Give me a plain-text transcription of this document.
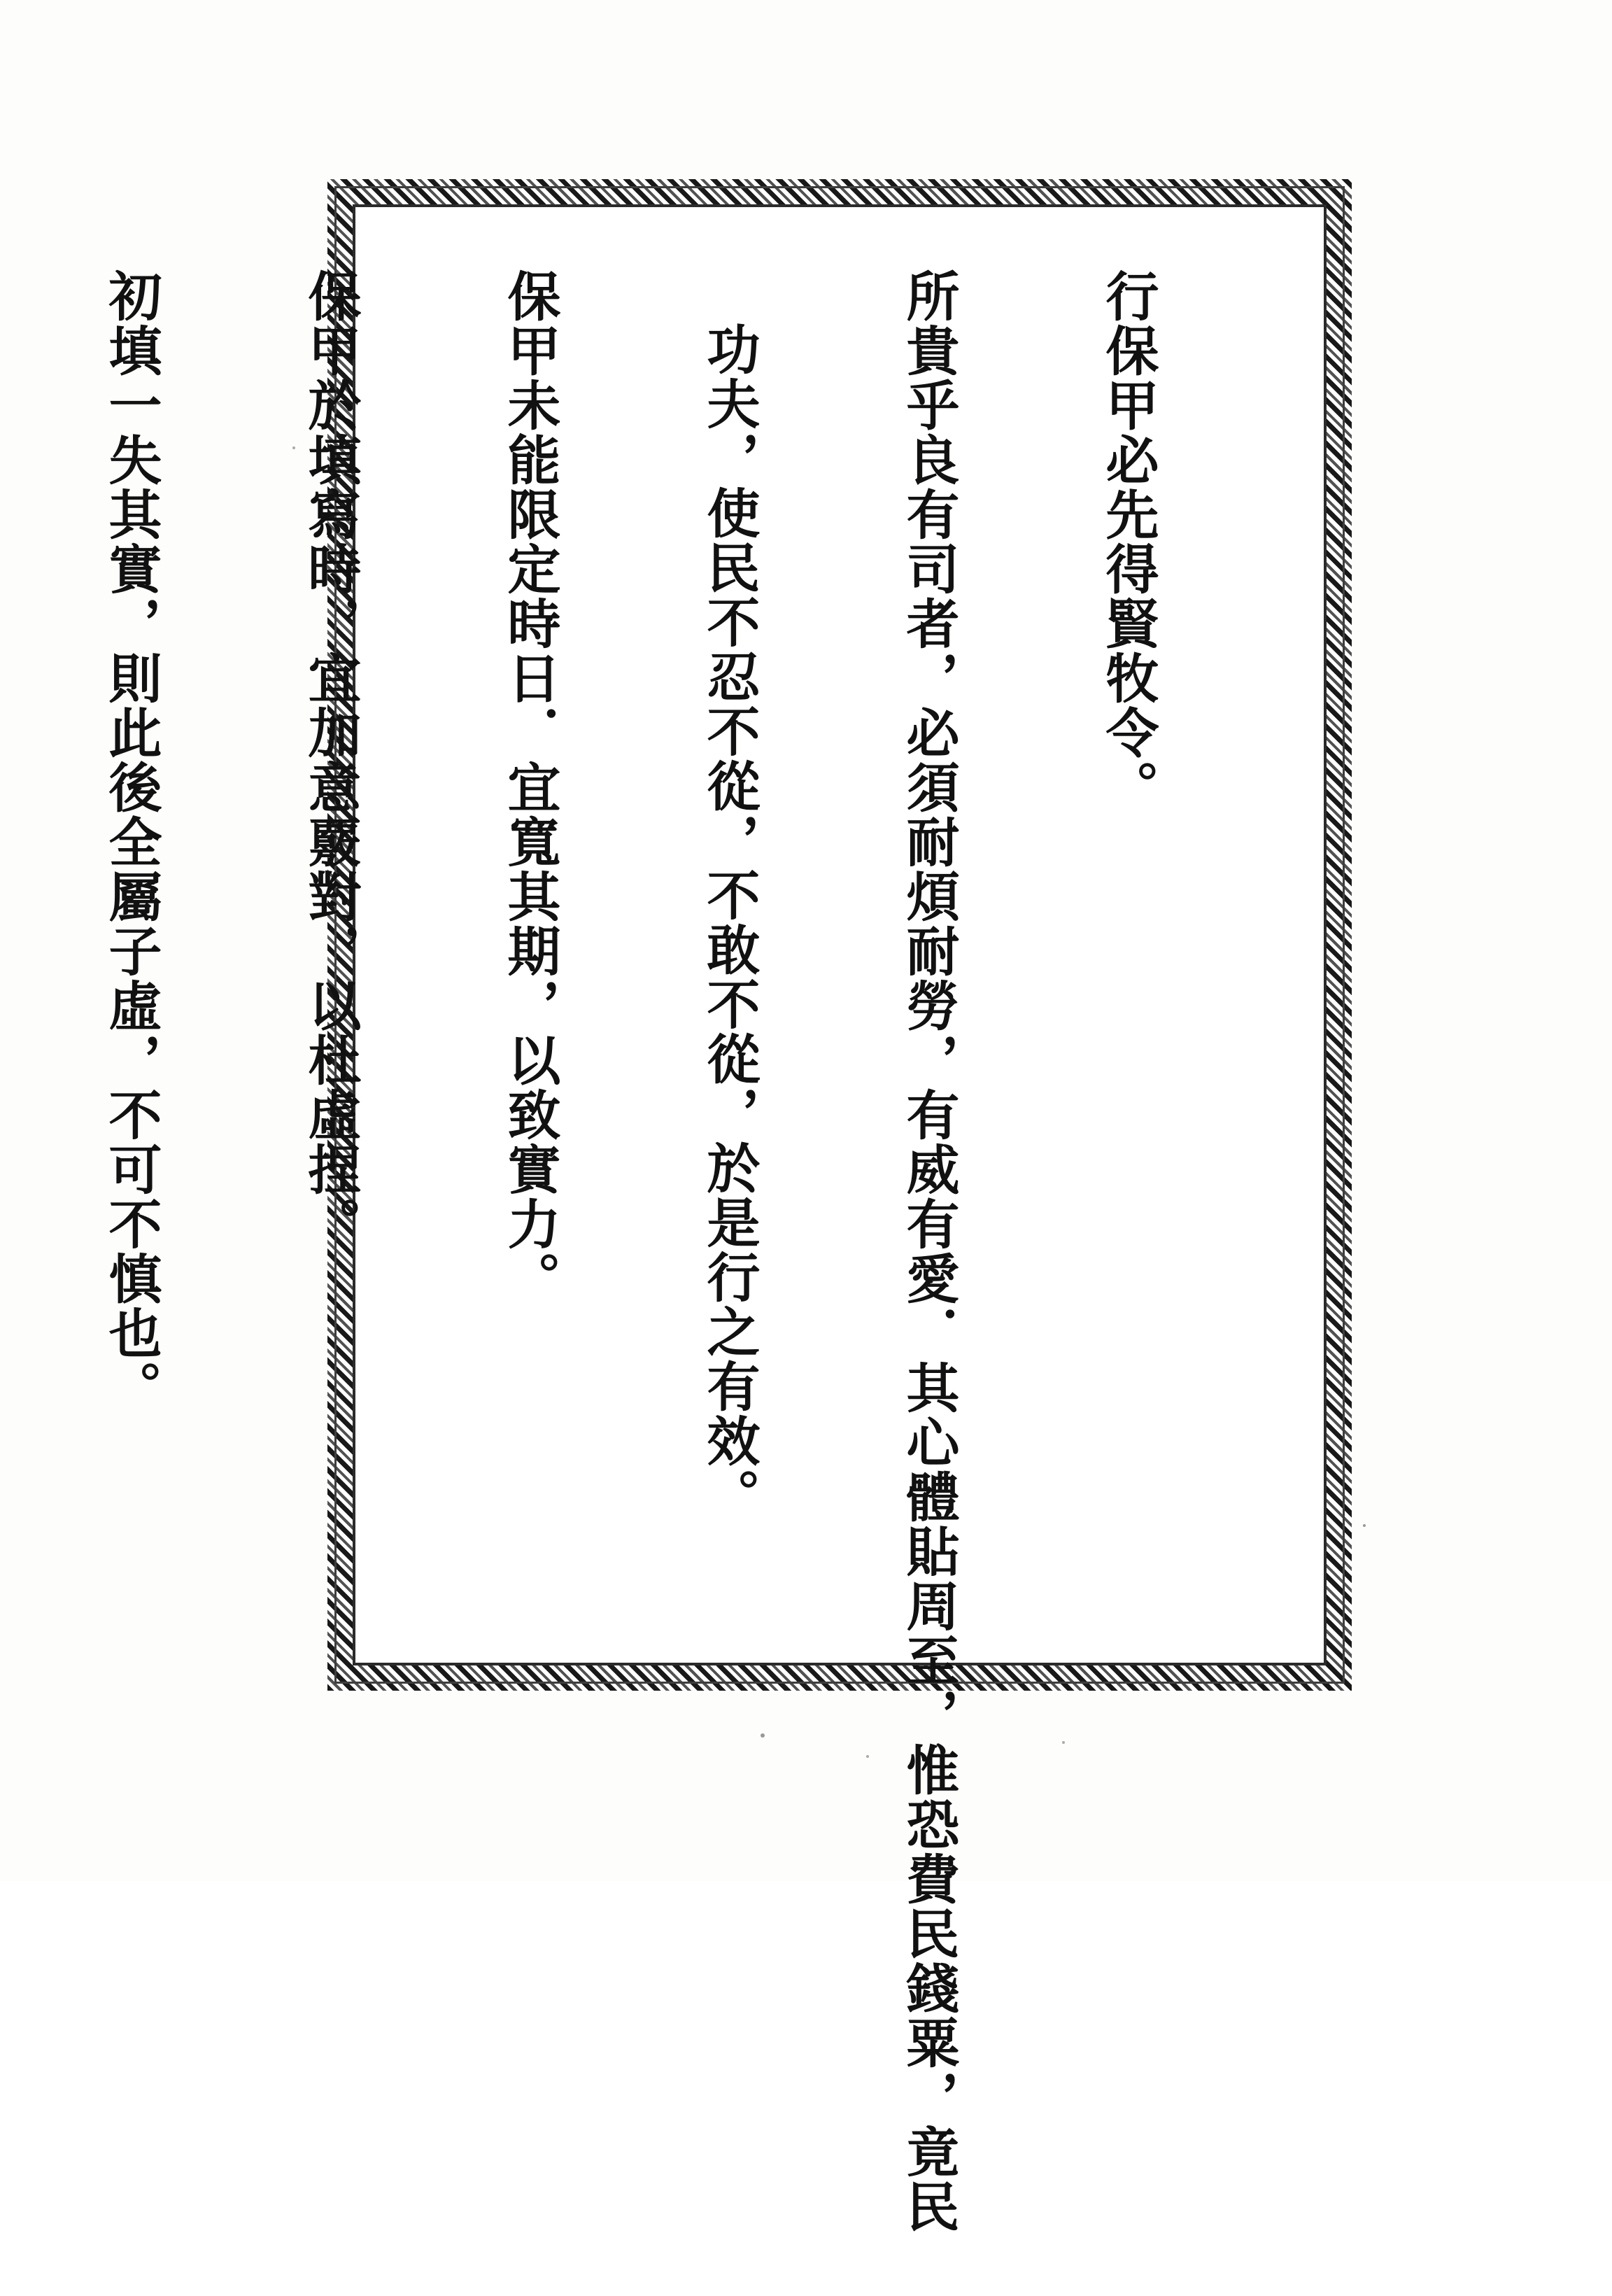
行保甲必先得賢牧令。

所貴乎良有司者，必須耐煩耐勞，有威有愛．其心體貼周至，惟恐費民錢粟，竟民

功夫，使民不忍不從，不敢不從，於是行之有效。

保甲未能限定時日．宜寬其期，以致實力。

保甲於填寫時，宜加意覈對，以杜虛捏。

初填一失其實，則此後全屬子虛，不可不慎也。
